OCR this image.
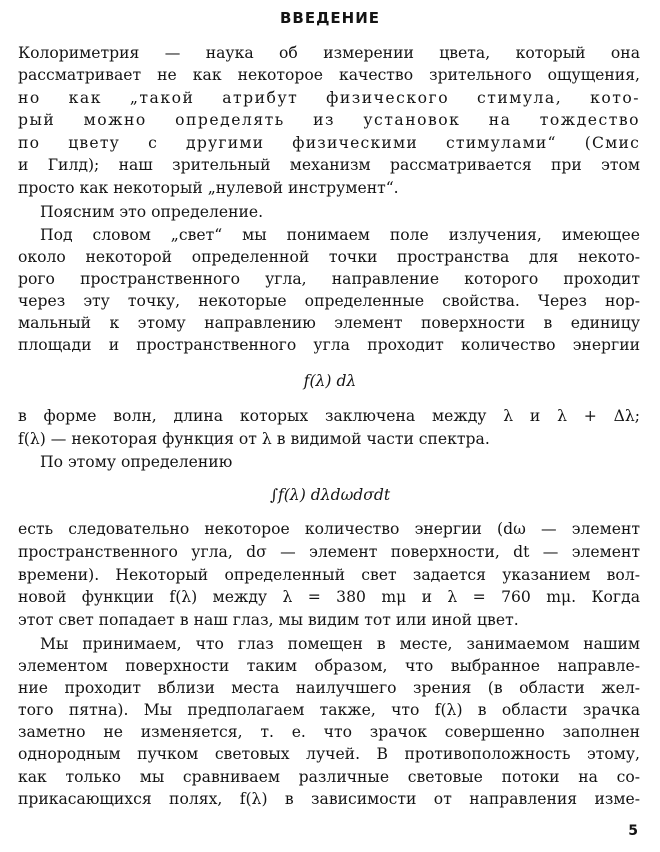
ВВЕДЕНИЕ
Колориметрия — наука об измерении цвета, который она
рассматривает не как некоторое качество зрительного ощущения,
но как „такой атрибут физического стимула, кото-
рый можно определять из установок на тождество
по цвету с другими физическими стимулами“ (Смис
и Гилд); наш зрительный механизм рассматривается при этом
просто как некоторый „нулевой инструмент“.
Поясним это определение.
Под словом „свет“ мы понимаем поле излучения, имеющее
около некоторой определенной точки пространства для некото-
рого пространственного угла, направление которого проходит
через эту точку, некоторые определенные свойства. Через нор-
мальный к этому направлению элемент поверхности в единицу
площади и пространственного угла проходит количество энергии
f(λ) dλ
в форме волн, длина которых заключена между λ и λ + Δλ;
f(λ) — некоторая функция от λ в видимой части спектра.
По этому определению
∫f(λ) dλdωdσdt
есть следовательно некоторое количество энергии (dω — элемент
пространственного угла, dσ — элемент поверхности, dt — элемент
времени). Некоторый определенный свет задается указанием вол-
новой функции f(λ) между λ = 380 mμ и λ = 760 mμ. Когда
этот свет попадает в наш глаз, мы видим тот или иной цвет.
Мы принимаем, что глаз помещен в месте, занимаемом нашим
элементом поверхности таким образом, что выбранное направле-
ние проходит вблизи места наилучшего зрения (в области жел-
того пятна). Мы предполагаем также, что f(λ) в области зрачка
заметно не изменяется, т. е. что зрачок совершенно заполнен
однородным пучком световых лучей. В противоположность этому,
как только мы сравниваем различные световые потоки на со-
прикасающихся полях, f(λ) в зависимости от направления изме-
5
